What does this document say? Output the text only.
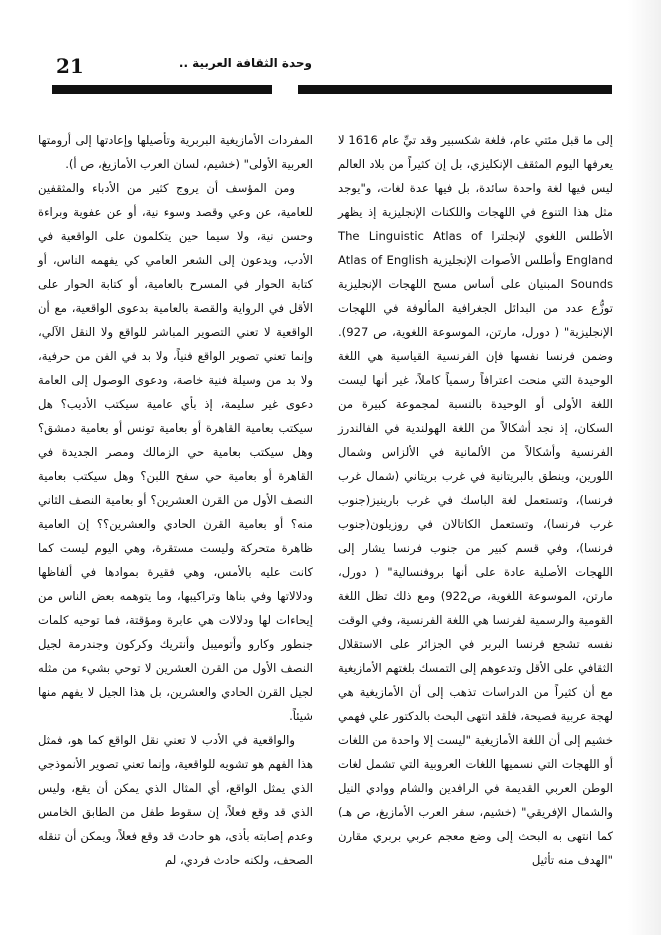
21	وحدة الثقافة العربية ..

إلى ما قبل مئتي عام، فلغة شكسبير وقد تيِّ عام 1616 لا يعرفها اليوم المثقف الإنكليزي، بل إن كثيراً من بلاد العالم ليس فيها لغة واحدة سائدة، بل فيها عدة لغات، و"يوجد مثل هذا التنوع في اللهجات واللكنات الإنجليزية إذ يظهر الأطلس اللغوي لإنجلترا The Linguistic Atlas of England وأطلس الأصوات الإنجليزية Atlas of English Sounds المبنيان على أساس مسح اللهجات الإنجليزية توزُّع عدد من البدائل الجغرافية المألوفة في اللهجات الإنجليزية" ( دورل، مارتن، الموسوعة اللغوية، ص 927). وضمن فرنسا نفسها فإن الفرنسية القياسية هي اللغة الوحيدة التي منحت اعترافاً رسمياً كاملاً، غير أنها ليست اللغة الأولى أو الوحيدة بالنسبة لمجموعة كبيرة من السكان، إذ نجد أشكالاً من اللغة الهولندية في الفالندرز الفرنسية وأشكالاً من الألمانية في الألزاس وشمال اللورين، وينطق بالبريتانية في غرب بريتاني (شمال غرب فرنسا)، وتستعمل لغة الباسك في غرب بارينيز(جنوب غرب فرنسا)، وتستعمل الكاتالان في روزيلون(جنوب فرنسا)، وفي قسم كبير من جنوب فرنسا يشار إلى اللهجات الأصلية عادة على أنها بروفنسالية" ( دورل، مارتن، الموسوعة اللغوية، ص922) ومع ذلك تظل اللغة القومية والرسمية لفرنسا هي اللغة الفرنسية، وفي الوقت نفسه تشجع فرنسا البربر في الجزائر على الاستقلال الثقافي على الأقل وتدعوهم إلى التمسك بلغتهم الأمازيغية مع أن كثيراً من الدراسات تذهب إلى أن الأمازيغية هي لهجة عربية فصيحة، فلقد انتهى البحث بالدكتور علي فهمي خشيم إلى أن اللغة الأمازيغية "ليست إلا واحدة من اللغات أو اللهجات التي نسميها اللغات العروبية التي تشمل لغات الوطن العربي القديمة في الرافدين والشام ووادي النيل والشمال الإفريقي" (خشيم، سفر العرب الأمازيغ، ص هـ) كما انتهى به البحث إلى وضع معجم عربي بربري مقارن "الهدف منه تأثيل

المفردات الأمازيغية البربرية وتأصيلها وإعادتها إلى أرومتها العربية الأولى" (خشيم، لسان العرب الأمازيغ، ص أ).

ومن المؤسف أن يروج كثير من الأدباء والمثقفين للعامية، عن وعي وقصد وسوء نية، أو عن عفوية وبراءة وحسن نية، ولا سيما حين يتكلمون على الواقعية في الأدب، ويدعون إلى الشعر العامي كي يفهمه الناس، أو كتابة الحوار في المسرح بالعامية، أو كتابة الحوار على الأقل في الرواية والقصة بالعامية بدعوى الواقعية، مع أن الواقعية لا تعني التصوير المباشر للواقع ولا النقل الآلي، وإنما تعني تصوير الواقع فنياً، ولا بد في الفن من حرفية، ولا بد من وسيلة فنية خاصة، ودعوى الوصول إلى العامة دعوى غير سليمة، إذ بأي عامية سيكتب الأديب؟ هل سيكتب بعامية القاهرة أو بعامية تونس أو بعامية دمشق؟ وهل سيكتب بعامية حي الزمالك ومصر الجديدة في القاهرة أو بعامية حي سفح اللبن؟ وهل سيكتب بعامية النصف الأول من القرن العشرين؟ أو بعامية النصف الثاني منه؟ أو بعامية القرن الحادي والعشرين؟؟ إن العامية ظاهرة متحركة وليست مستقرة، وهي اليوم ليست كما كانت عليه بالأمس، وهي فقيرة بموادها في ألفاظها ودلالاتها وفي بناها وتراكيبها، وما يتوهمه بعض الناس من إيحاءات لها ودلالات هي عابرة ومؤقتة، فما توحيه كلمات جنطور وكارو وأتوميبل وأنتريك وكركون وجندرمة لجيل النصف الأول من القرن العشرين لا توحي بشيء من مثله لجيل القرن الحادي والعشرين، بل هذا الجيل لا يفهم منها شيئاً.

والواقعية في الأدب لا تعني نقل الواقع كما هو، فمثل هذا الفهم هو تشويه للواقعية، وإنما تعني تصوير الأنموذجي الذي يمثل الواقع، أي المثال الذي يمكن أن يقع، وليس الذي قد وقع فعلاً، إن سقوط طفل من الطابق الخامس وعدم إصابته بأذى، هو حادث قد وقع فعلاً، ويمكن أن تنقله الصحف، ولكنه حادث فردي، لم
